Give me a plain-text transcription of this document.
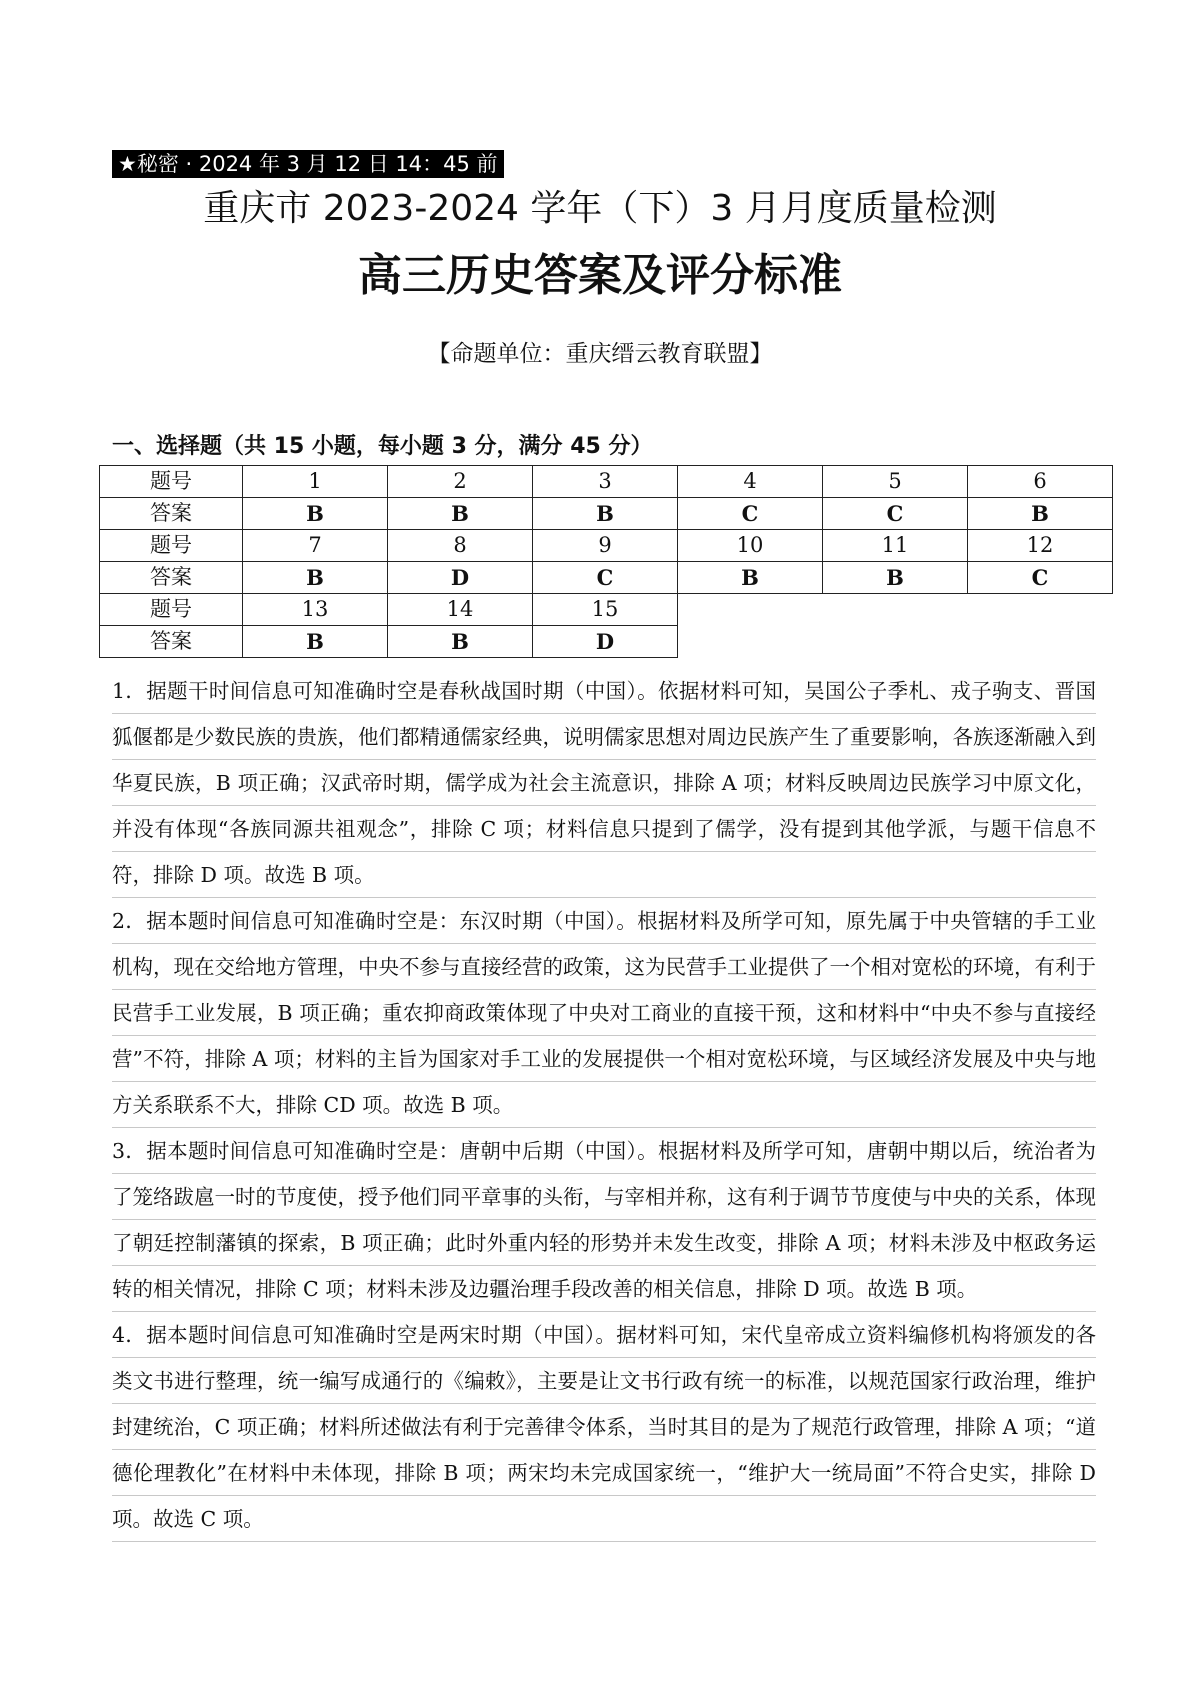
★秘密 · 2024 年 3 月 12 日 14：45 前
重庆市 2023-2024 学年（下）3 月月度质量检测
高三历史答案及评分标准
【命题单位：重庆缙云教育联盟】
一、选择题（共 15 小题，每小题 3 分，满分 45 分）
题号	1	2	3	4	5	6
答案	B	B	B	C	C	B
题号	7	8	9	10	11	12
答案	B	D	C	B	B	C
题号	13	14	15			
答案	B	B	D			

1．据题干时间信息可知准确时空是春秋战国时期（中国）。依据材料可知，吴国公子季札、戎子驹支、晋国狐偃都是少数民族的贵族，他们都精通儒家经典，说明儒家思想对周边民族产生了重要影响，各族逐渐融入到华夏民族，B 项正确；汉武帝时期，儒学成为社会主流意识，排除 A 项；材料反映周边民族学习中原文化，并没有体现“各族同源共祖观念”，排除 C 项；材料信息只提到了儒学，没有提到其他学派，与题干信息不符，排除 D 项。故选 B 项。

2．据本题时间信息可知准确时空是：东汉时期（中国）。根据材料及所学可知，原先属于中央管辖的手工业机构，现在交给地方管理，中央不参与直接经营的政策，这为民营手工业提供了一个相对宽松的环境，有利于民营手工业发展，B 项正确；重农抑商政策体现了中央对工商业的直接干预，这和材料中“中央不参与直接经营”不符，排除 A 项；材料的主旨为国家对手工业的发展提供一个相对宽松环境，与区域经济发展及中央与地方关系联系不大，排除 CD 项。故选 B 项。

3．据本题时间信息可知准确时空是：唐朝中后期（中国）。根据材料及所学可知，唐朝中期以后，统治者为了笼络跋扈一时的节度使，授予他们同平章事的头衔，与宰相并称，这有利于调节节度使与中央的关系，体现了朝廷控制藩镇的探索，B 项正确；此时外重内轻的形势并未发生改变，排除 A 项；材料未涉及中枢政务运转的相关情况，排除 C 项；材料未涉及边疆治理手段改善的相关信息，排除 D 项。故选 B 项。

4．据本题时间信息可知准确时空是两宋时期（中国）。据材料可知，宋代皇帝成立资料编修机构将颁发的各类文书进行整理，统一编写成通行的《编敕》，主要是让文书行政有统一的标准，以规范国家行政治理，维护封建统治，C 项正确；材料所述做法有利于完善律令体系，当时其目的是为了规范行政管理，排除 A 项；“道德伦理教化”在材料中未体现，排除 B 项；两宋均未完成国家统一，“维护大一统局面”不符合史实，排除 D 项。故选 C 项。
